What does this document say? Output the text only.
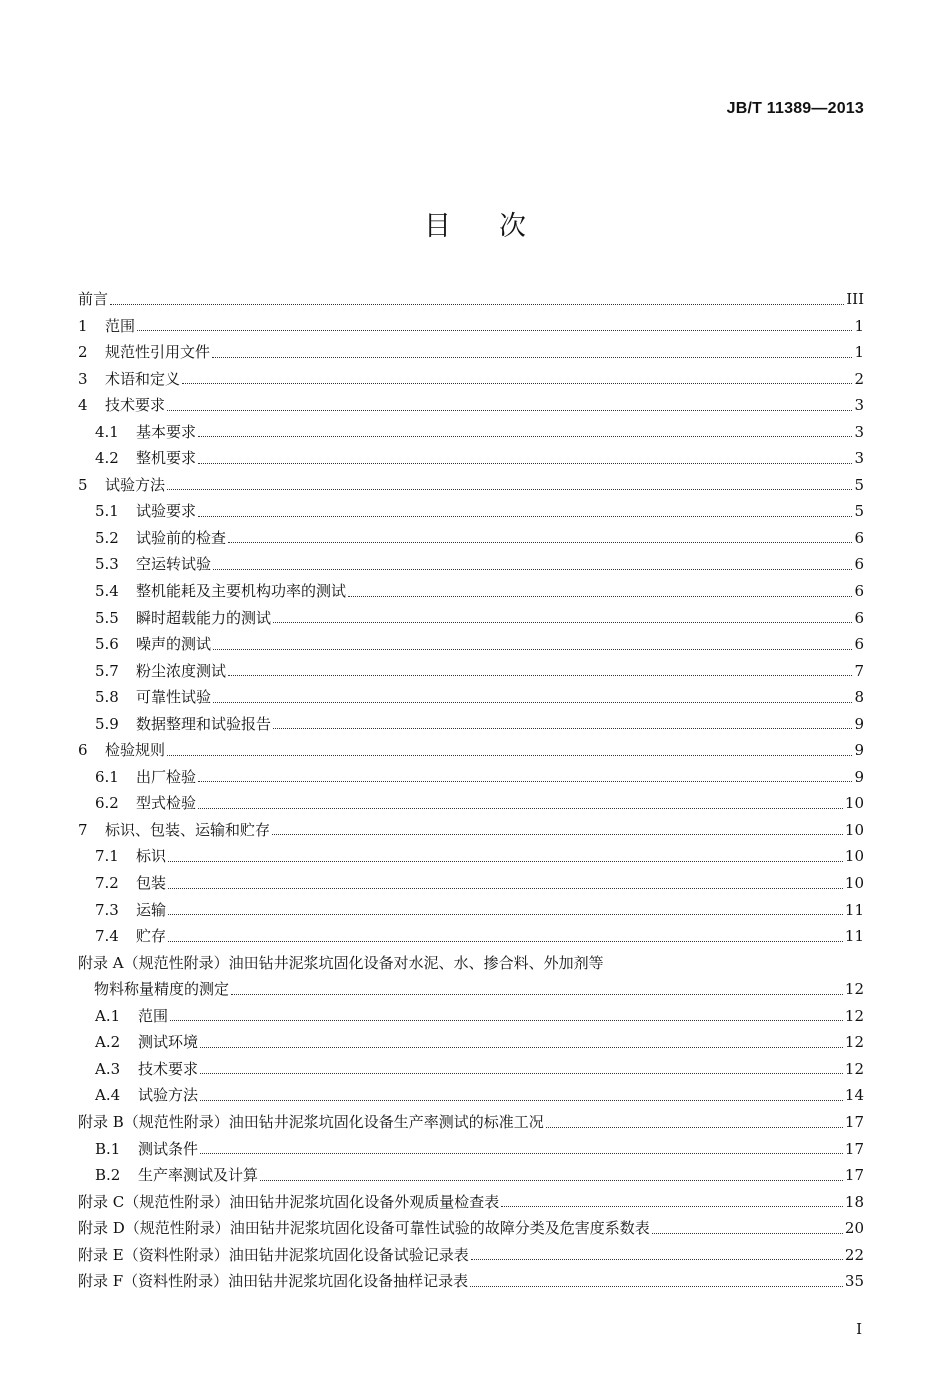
JB/T 11389—2013
目次
前言	III
1	范围	1
2	规范性引用文件	1
3	术语和定义	2
4	技术要求	3
4.1	基本要求	3
4.2	整机要求	3
5	试验方法	5
5.1	试验要求	5
5.2	试验前的检查	6
5.3	空运转试验	6
5.4	整机能耗及主要机构功率的测试	6
5.5	瞬时超载能力的测试	6
5.6	噪声的测试	6
5.7	粉尘浓度测试	7
5.8	可靠性试验	8
5.9	数据整理和试验报告	9
6	检验规则	9
6.1	出厂检验	9
6.2	型式检验	10
7	标识、包装、运输和贮存	10
7.1	标识	10
7.2	包装	10
7.3	运输	11
7.4	贮存	11
附录 A（规范性附录）油田钻井泥浆坑固化设备对水泥、水、掺合料、外加剂等
物料称量精度的测定	12
A.1	范围	12
A.2	测试环境	12
A.3	技术要求	12
A.4	试验方法	14
附录 B（规范性附录）油田钻井泥浆坑固化设备生产率测试的标准工况	17
B.1	测试条件	17
B.2	生产率测试及计算	17
附录 C（规范性附录）油田钻井泥浆坑固化设备外观质量检查表	18
附录 D（规范性附录）油田钻井泥浆坑固化设备可靠性试验的故障分类及危害度系数表	20
附录 E（资料性附录）油田钻井泥浆坑固化设备试验记录表	22
附录 F（资料性附录）油田钻井泥浆坑固化设备抽样记录表	35
I
